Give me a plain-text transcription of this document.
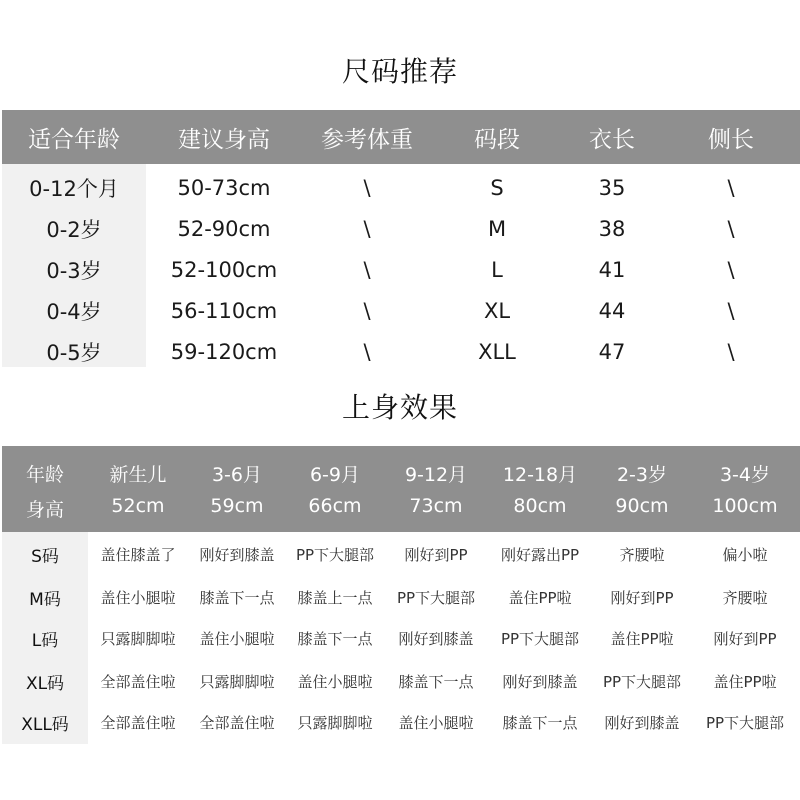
尺码推荐
适合年龄	建议身高	参考体重	码段	衣长	侧长
0-12个月	50-73cm	\	S	35	\
0-2岁	52-90cm	\	M	38	\
0-3岁	52-100cm	\	L	41	\
0-4岁	56-110cm	\	XL	44	\
0-5岁	59-120cm	\	XLL	47	\
上身效果
年龄	新生儿	3-6月	6-9月	9-12月	12-18月	2-3岁	3-4岁
身高	52cm	59cm	66cm	73cm	80cm	90cm	100cm
S码	盖住膝盖了	刚好到膝盖	PP下大腿部	刚好到PP	刚好露出PP	齐腰啦	偏小啦
M码	盖住小腿啦	膝盖下一点	膝盖上一点	PP下大腿部	盖住PP啦	刚好到PP	齐腰啦
L码	只露脚脚啦	盖住小腿啦	膝盖下一点	刚好到膝盖	PP下大腿部	盖住PP啦	刚好到PP
XL码	全部盖住啦	只露脚脚啦	盖住小腿啦	膝盖下一点	刚好到膝盖	PP下大腿部	盖住PP啦
XLL码	全部盖住啦	全部盖住啦	只露脚脚啦	盖住小腿啦	膝盖下一点	刚好到膝盖	PP下大腿部
